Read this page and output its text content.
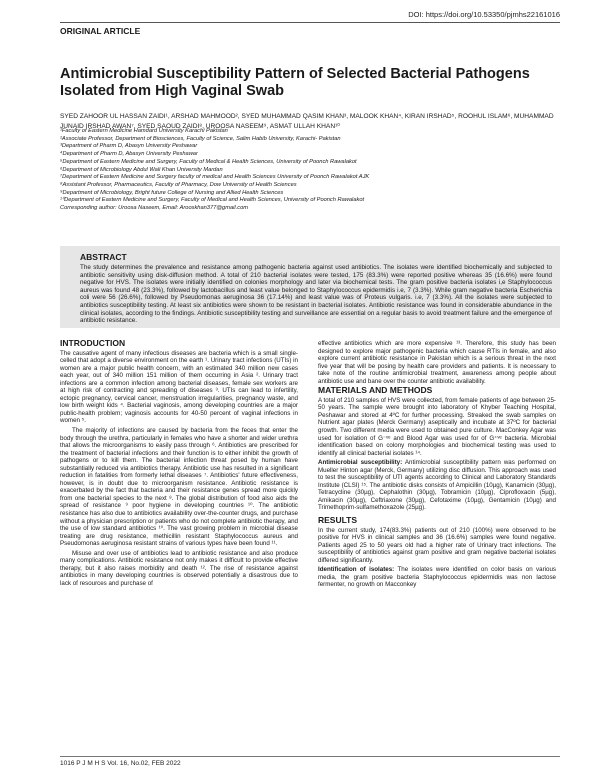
DOI: https://doi.org/10.53350/pjmhs22161016
ORIGINAL ARTICLE
Antimicrobial Susceptibility Pattern of Selected Bacterial Pathogens Isolated from High Vaginal Swab
SYED ZAHOOR UL HASSAN ZAIDI¹, ARSHAD MAHMOOD², SYED MUHAMMAD QASIM KHAN³, MALOOK KHAN⁴, KIRAN IRSHAD⁵, ROOHUL ISLAM⁶, MUHAMMAD JUNAID IRSHAD AWAN⁷, SYED SAOUD ZAIDI⁸, UROOSA NASEEM⁹, ASMAT ULLAH KHAN¹⁰
¹Faculty of Eastern Medicine Hamdard University Karachi Pakistan
²Associate Professor, Department of Biosciences, Faculty of Science, Salim Habib University, Karachi- Pakistan
³Department of Pharm D, Abasyn University Peshawar
⁴Department of Pharm D, Abasyn University Peshawar
⁵Department of Eastern Medicine and Surgery, Faculty of Medical & Health Sciences, University of Poonch Rawalakot
⁶Department of Microbiology Abdul Wali Khan University Mardan
⁷Department of Eastern Medicine and Surgery faculty of medical and Health Sciences University of Poonch Rawalakot AJK
⁸Assistant Professor, Pharmaceutics, Faculty of Pharmacy, Dow University of Health Sciences
⁹Department of Microbiology, Bright future College of Nursing and Allied Health Sciences
¹⁰Department of Eastern Medicine and Surgery, Faculty of Medical and Health Sciences, University of Poonch Rawalakot
Corresponding author: Uroosa Naseem, Email: Arooskhan377@gmail.com
ABSTRACT

The study determines the prevalence and resistance among pathogenic bacteria against used antibiotics. The isolates were identified biochemically and subjected to antibiotic sensitivity using disk-diffusion method. A total of 210 bacterial isolates were tested, 175 (83.3%) were reported positive whereas 35 (16.6%) were found negative for HVS. The isolates were initially identified on colonies morphology and later via biochemical tests. The gram positive bacteria isolates i,e Staphylococcus aureus was found 48 (23.3%), followed by lactobacillus and least value belonged to Staphylococcus epidermidis i.e, 7 (3.3%). While gram negative bacteria Escherichia coli were 56 (26.6%), followed by Pseudomonas aeruginosa 36 (17.14%) and least value was of Proteus vulgaris. i.e, 7 (3.3%). All the isolates were subjected to antibiotics susceptibility testing. At least six antibiotics were shown to be resistant in bacterial isolates. Antibiotic resistance was found in considerable abundance in the clinical isolates, according to the findings. Antibiotic susceptibility testing and surveillance are essential on a regular basis to avoid treatment failure and the emergence of antibiotic resistance.

INTRODUCTION

The causative agent of many infectious diseases are bacteria which is a small single-celled that adopt a diverse environment on the earth ¹. Urinary tract infections (UTIs) in women are a major public health concern, with an estimated 340 million new cases each year, out of 340 million 151 million of them occurring in Asia ². Urinary tract infections are a common infection among bacterial diseases, female sex workers are at high risk of contracting and spreading of diseases ³. UTIs can lead to infertility, ectopic pregnancy, cervical cancer, menstruation irregularities, pregnancy waste, and low birth weight kids ⁴. Bacterial vaginosis, among developing countries are a major public-health problem; vaginosis accounts for 40-50 percent of vaginal infections in women ⁵.

The majority of infections are caused by bacteria from the feces that enter the body through the urethra, particularly in females who have a shorter and wider urethra that allows the microorganisms to easily pass through ⁶. Antibiotics are prescribed for the treatment of bacterial infections and their function is to either inhibit the growth of pathogens or to kill them. The bacterial infection threat posed by human have substantially reduced via antibiotics therapy. Antibiotic use has resulted in a significant reduction in fatalities from formerly lethal diseases ⁷. Antibiotics' future effectiveness, however, is in doubt due to microorganism resistance. Antibiotic resistance is exacerbated by the fact that bacteria and their resistance genes spread more quickly from one bacterial species to the next ⁸. The global distribution of food also aids the spread of resistance ⁹ poor hygiene in developing countries ¹⁰. The antibiotic resistance has also due to antibiotics availability over-the-counter drugs, and purchase without a physician prescription or patients who do not complete antibiotic therapy, and the use of low standard antibiotics ¹⁰. The vast growing problem in microbial disease treating are drug resistance, methicillin resistant Staphylococcus aureus and Pseudomonas aeruginosa resistant strains of various types have been found ¹¹.

Misuse and over use of antibiotics lead to antibiotic resistance and also produce many complications. Antibiotic resistance not only makes it difficult to provide effective therapy, but it also raises morbidity and death ¹². The rise of resistance against antibiotics in many developing countries is observed potentially a disastrous due to lack of resources and purchase of

effective antibiotics which are more expensive ¹³. Therefore, this study has been designed to explore major pathogenic bacteria which cause RTIs in female, and also explore current antibiotic resistance in Pakistan which is a serious threat in the next five year that will be posing by health care providers and patients. It is necessary to take note of the routine antimicrobial treatment, awareness among people about antibiotic use and bane over the counter antibiotic availability.

MATERIALS AND METHODS

A total of 210 samples of HVS were collected, from female patients of age between 25-50 years. The sample were brought into laboratory of Khyber Teaching Hospital, Peshawar and stored at 4ºC for further processing. Streaked the swab samples on Nutrient agar plates (Merck Germany) aseptically and incubate at 37ºC for bacterial growth. Two different media were used to obtained pure culture. MacConkey Agar was used for isolation of G⁻ᵛᵉ and Blood Agar was used for of G⁺ᵛᵉ bacteria. Microbial identification based on colony morphologies and biochemical testing was used to identify all clinical bacterial isolates ¹⁴.

Antimicrobial susceptibility: Antimicrobial susceptibility pattern was performed on Mueller Hinton agar (Merck, Germany) utilizing disc diffusion. This approach was used to test the susceptibility of UTI agents according to Clinical and Laboratory Standards Institute (CLSI) ¹⁵. The antibiotic disks consists of Ampicillin (10µg), Kanamicin (30µg), Tetracycline (30µg), Cephalothin (30µg), Tobramicin (10µg), Ciprofloxacin (5µg), Amikacin (30µg), Ceftriaxone (30µg), Cefotaxime (10µg), Gentamicin (10µg) and Trimethoprim-sulfamethoxazole (25µg).

RESULTS

In the current study, 174(83.3%) patients out of 210 (100%) were observed to be positive for HVS in clinical samples and 36 (16.6%) samples were found negative. Patients aged 25 to 50 years old had a higher rate of Urinary tract infections. The susceptibility of antibiotics against gram positive and gram negative bacterial isolates differed significantly.

Identification of isolates: The isolates were identified on color basis on various media, the gram positive bacteria Staphylococcus epidermidis was non lactose fermenter, no growth on Macconkey

1016 P J M H S Vol. 16, No.02, FEB 2022
